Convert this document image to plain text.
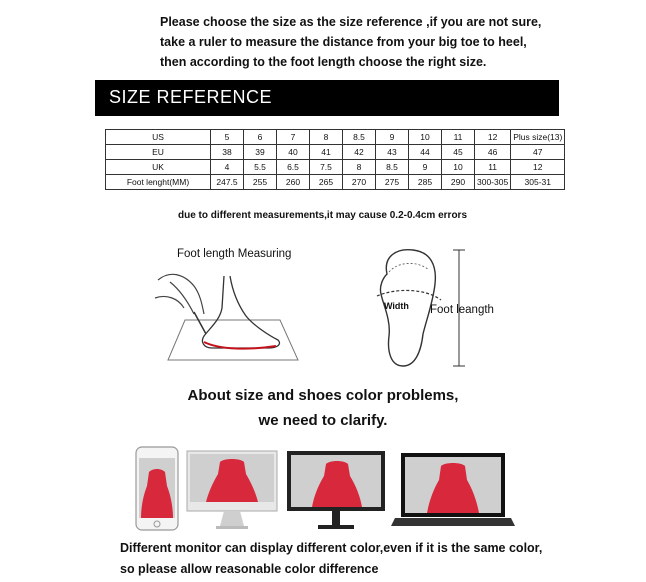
Please choose the size as the size reference ,if you are not sure,
take a ruler to measure the distance from your big toe to heel,
then according to the foot length choose the right size.
SIZE REFERENCE
US	5	6	7	8	8.5	9	10	11	12	Plus size(13)
EU	38	39	40	41	42	43	44	45	46	47
UK	4	5.5	6.5	7.5	8	8.5	9	10	11	12
Foot lenght(MM)	247.5	255	260	265	270	275	285	290	300-305	305-31
due to different measurements,it may cause 0.2-0.4cm errors
Foot length Measuring
Width Foot leangth
About size and shoes color problems,
we need to clarify.
Different monitor can display different color,even if it is the same color,
so please allow reasonable color difference
